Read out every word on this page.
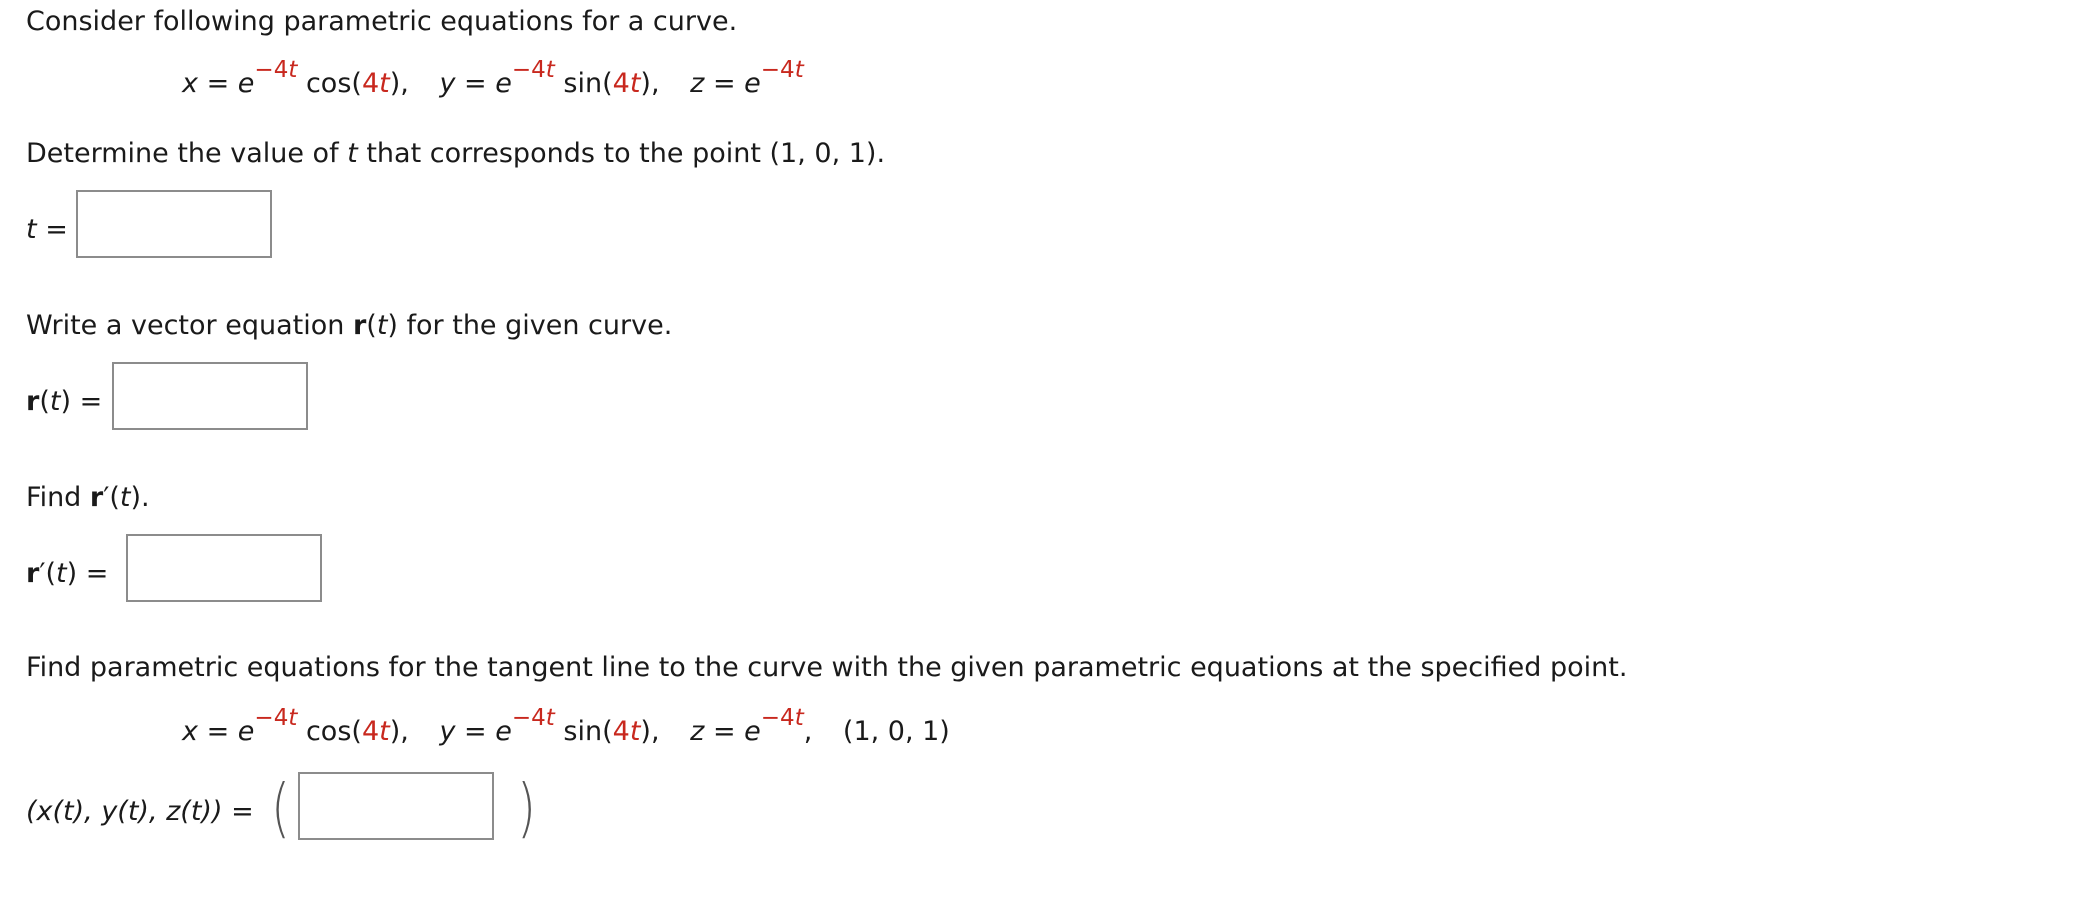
Consider following parametric equations for a curve.
$x = e^{-4t}$ cos(4t), $y = e^{-4t}$ sin(4t), $z = e^{-4t}$
Determine the value of t that corresponds to the point (1, 0, 1).
t =
Write a vector equation r(t) for the given curve.
r(t) =
Find r′(t).
r′(t) =
Find parametric equations for the tangent line to the curve with the given parametric equations at the specified point.
$x = e^{-4t}$ cos(4t), $y = e^{-4t}$ sin(4t), $z = e^{-4t}$, (1, 0, 1)
(x(t), y(t), z(t)) = (	)
